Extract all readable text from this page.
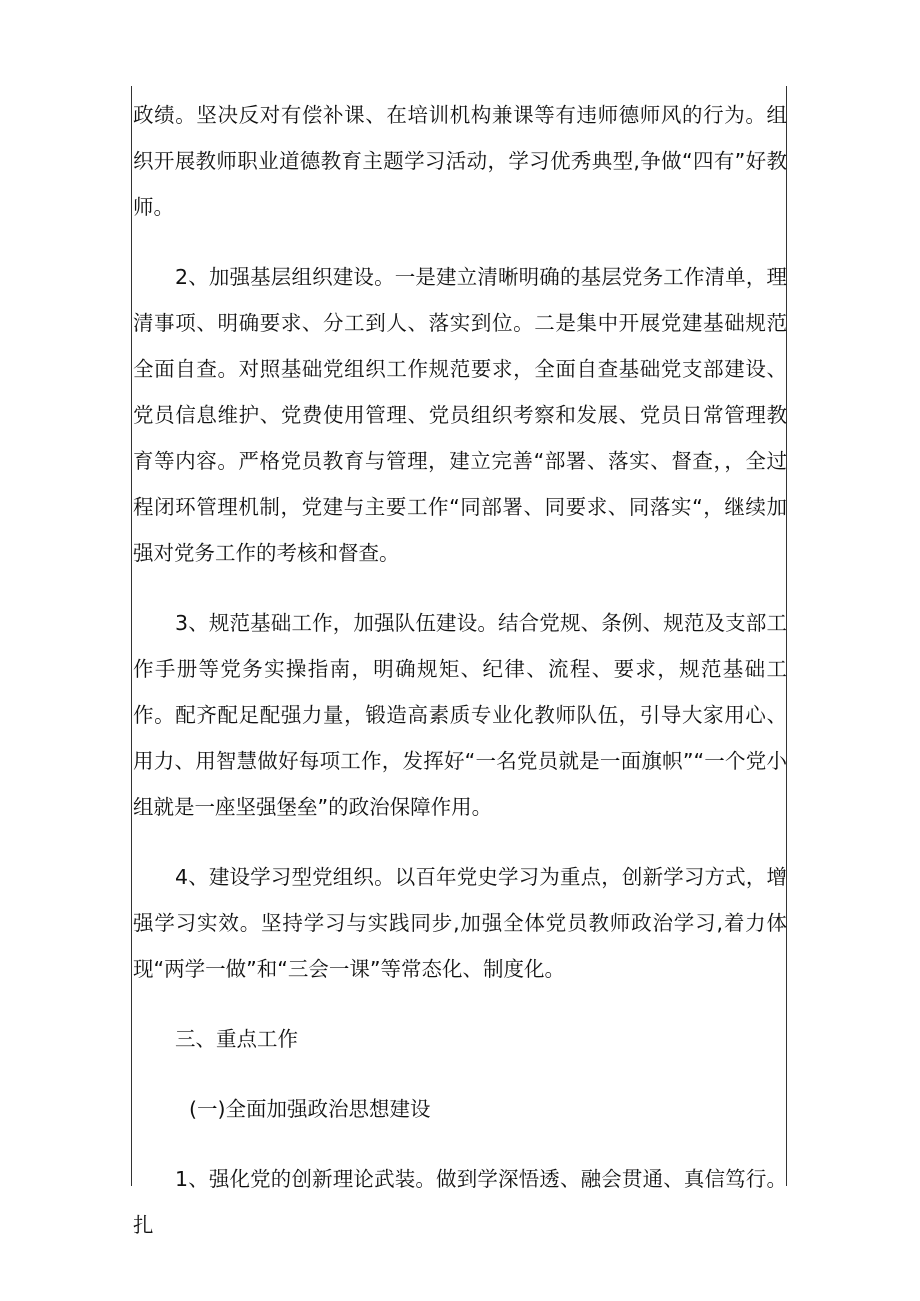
政绩。坚决反对有偿补课、在培训机构兼课等有违师德师风的行为。组织开展教师职业道德教育主题学习活动，学习优秀典型,争做“四有”好教师。

2、加强基层组织建设。一是建立清晰明确的基层党务工作清单，理清事项、明确要求、分工到人、落实到位。二是集中开展党建基础规范全面自查。对照基础党组织工作规范要求，全面自查基础党支部建设、党员信息维护、党费使用管理、党员组织考察和发展、党员日常管理教育等内容。严格党员教育与管理，建立完善“部署、落实、督查，，全过程闭环管理机制，党建与主要工作“同部署、同要求、同落实“，继续加强对党务工作的考核和督查。

3、规范基础工作，加强队伍建设。结合党规、条例、规范及支部工作手册等党务实操指南，明确规矩、纪律、流程、要求，规范基础工作。配齐配足配强力量，锻造高素质专业化教师队伍，引导大家用心、用力、用智慧做好每项工作，发挥好“一名党员就是一面旗帜”“一个党小组就是一座坚强堡垒”的政治保障作用。

4、建设学习型党组织。以百年党史学习为重点，创新学习方式，增强学习实效。坚持学习与实践同步,加强全体党员教师政治学习,着力体现“两学一做”和“三会一课”等常态化、制度化。

三、重点工作

(一)全面加强政治思想建设

1、强化党的创新理论武装。做到学深悟透、融会贯通、真信笃行。扎
